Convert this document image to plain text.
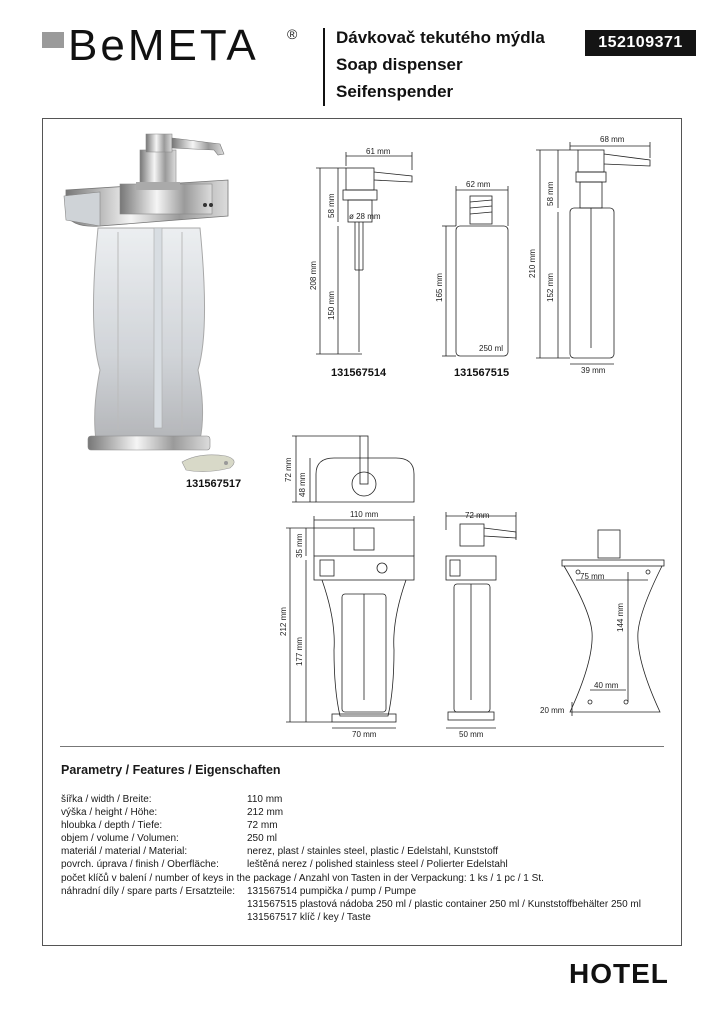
BeMETA ® Dávkovač tekutého mýdla
Soap dispenser
Seifenspender
152109371
131567517
61 mm
58 mm ø 28 mm
208 mm
150 mm
131567514
62 mm
165 mm
250 ml
131567515
68 mm
58 mm
210 mm
152 mm
39 mm
72 mm
48 mm
110 mm
35 mm
212 mm
177 mm
70 mm
72 mm
50 mm
75 mm
144 mm
40 mm
20 mm
Parametry / Features / Eigenschaften
šířka / width / Breite:	110 mm
výška / height / Höhe:	212 mm
hloubka / depth / Tiefe:	72 mm
objem / volume / Volumen:	250 ml
materiál / material / Material:	nerez, plast / stainles steel, plastic / Edelstahl, Kunststoff
povrch. úprava / finish / Oberfläche:	leštěná nerez / polished stainless steel / Polierter Edelstahl
počet klíčů v balení / number of keys in the package / Anzahl von Tasten in der Verpackung: 1 ks / 1 pc / 1 St.
náhradní díly / spare parts / Ersatzteile:	131567514 pumpička / pump / Pumpe
131567515 plastová nádoba 250 ml / plastic container 250 ml / Kunststoffbehälter 250 ml
131567517 klíč / key / Taste
HOTEL
